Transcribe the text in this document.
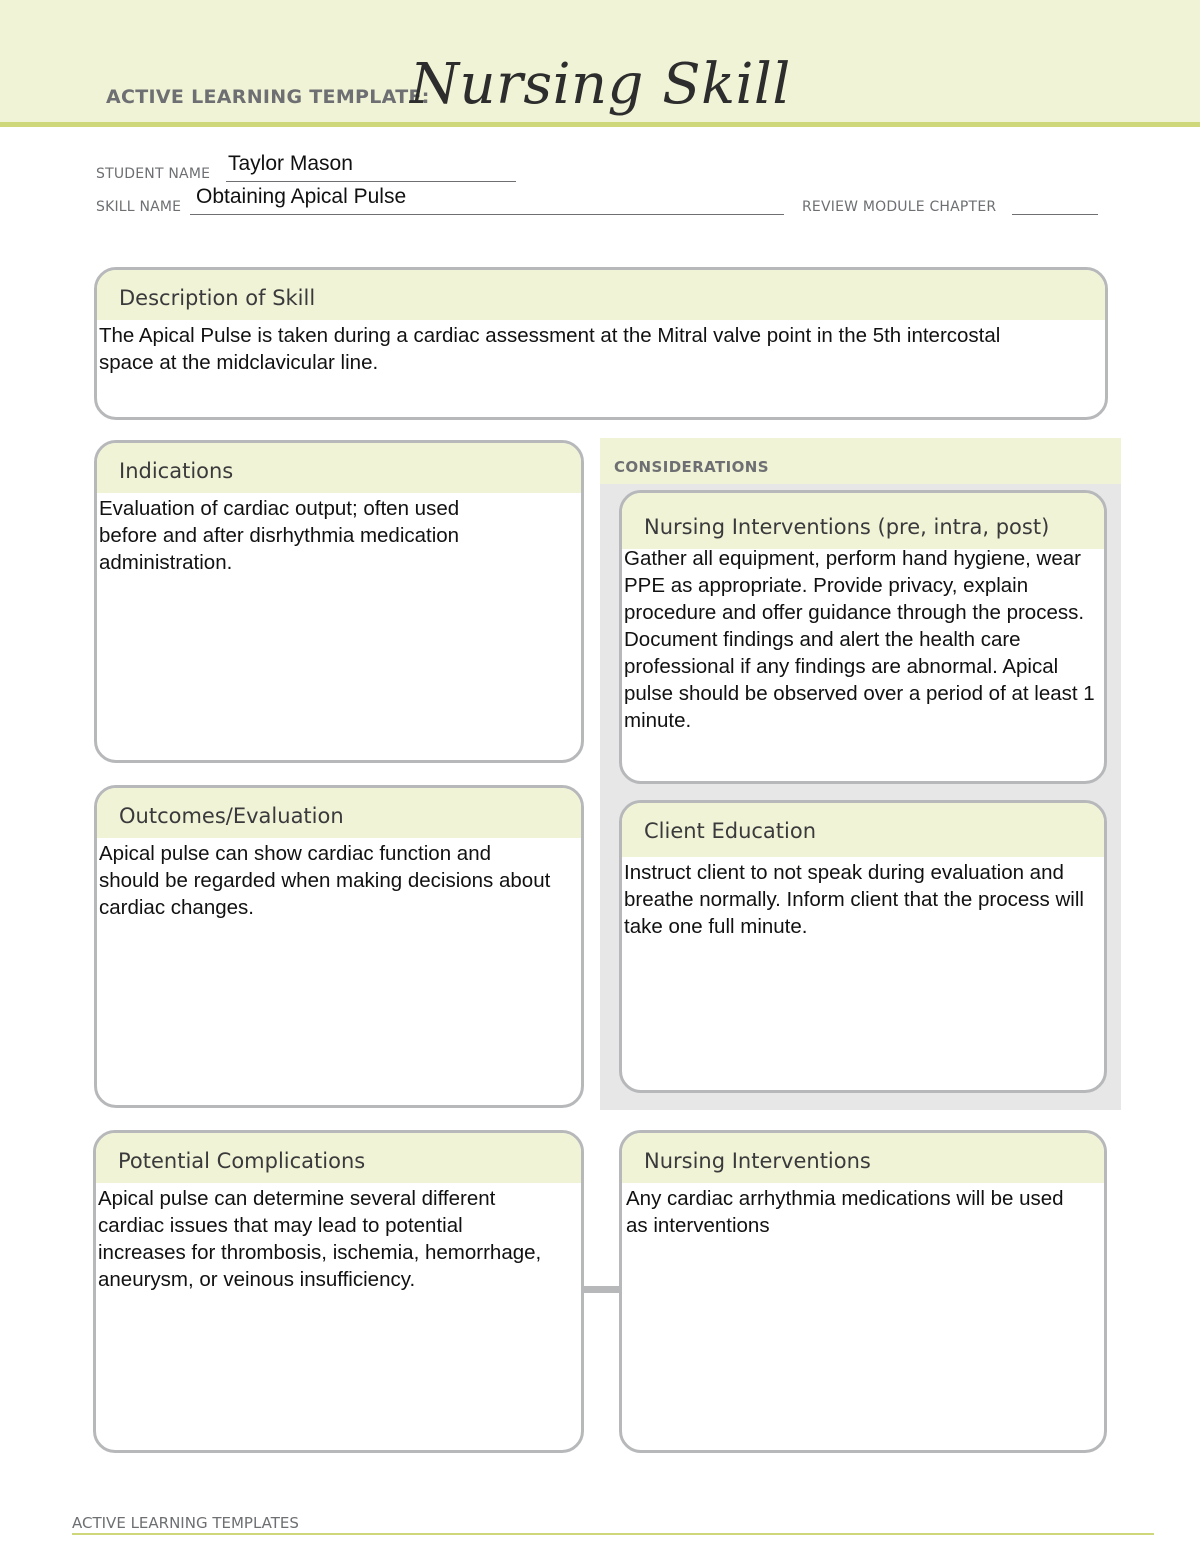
ACTIVE LEARNING TEMPLATE:
Nursing Skill
STUDENT NAME Taylor Mason
SKILL NAME Obtaining Apical Pulse	REVIEW MODULE CHAPTER
Description of Skill
The Apical Pulse is taken during a cardiac assessment at the Mitral valve point in the 5th intercostal space at the midclavicular line.
Indications
Evaluation of cardiac output; often used before and after disrhythmia medication administration.
CONSIDERATIONS
Nursing Interventions (pre, intra, post)
Gather all equipment, perform hand hygiene, wear PPE as appropriate. Provide privacy, explain procedure and offer guidance through the process. Document findings and alert the health care professional if any findings are abnormal. Apical pulse should be observed over a period of at least 1 minute.
Outcomes/Evaluation
Apical pulse can show cardiac function and should be regarded when making decisions about cardiac changes.
Client Education
Instruct client to not speak during evaluation and breathe normally. Inform client that the process will take one full minute.
Potential Complications
Apical pulse can determine several different cardiac issues that may lead to potential increases for thrombosis, ischemia, hemorrhage, aneurysm, or veinous insufficiency.
Nursing Interventions
Any cardiac arrhythmia medications will be used as interventions
ACTIVE LEARNING TEMPLATES
